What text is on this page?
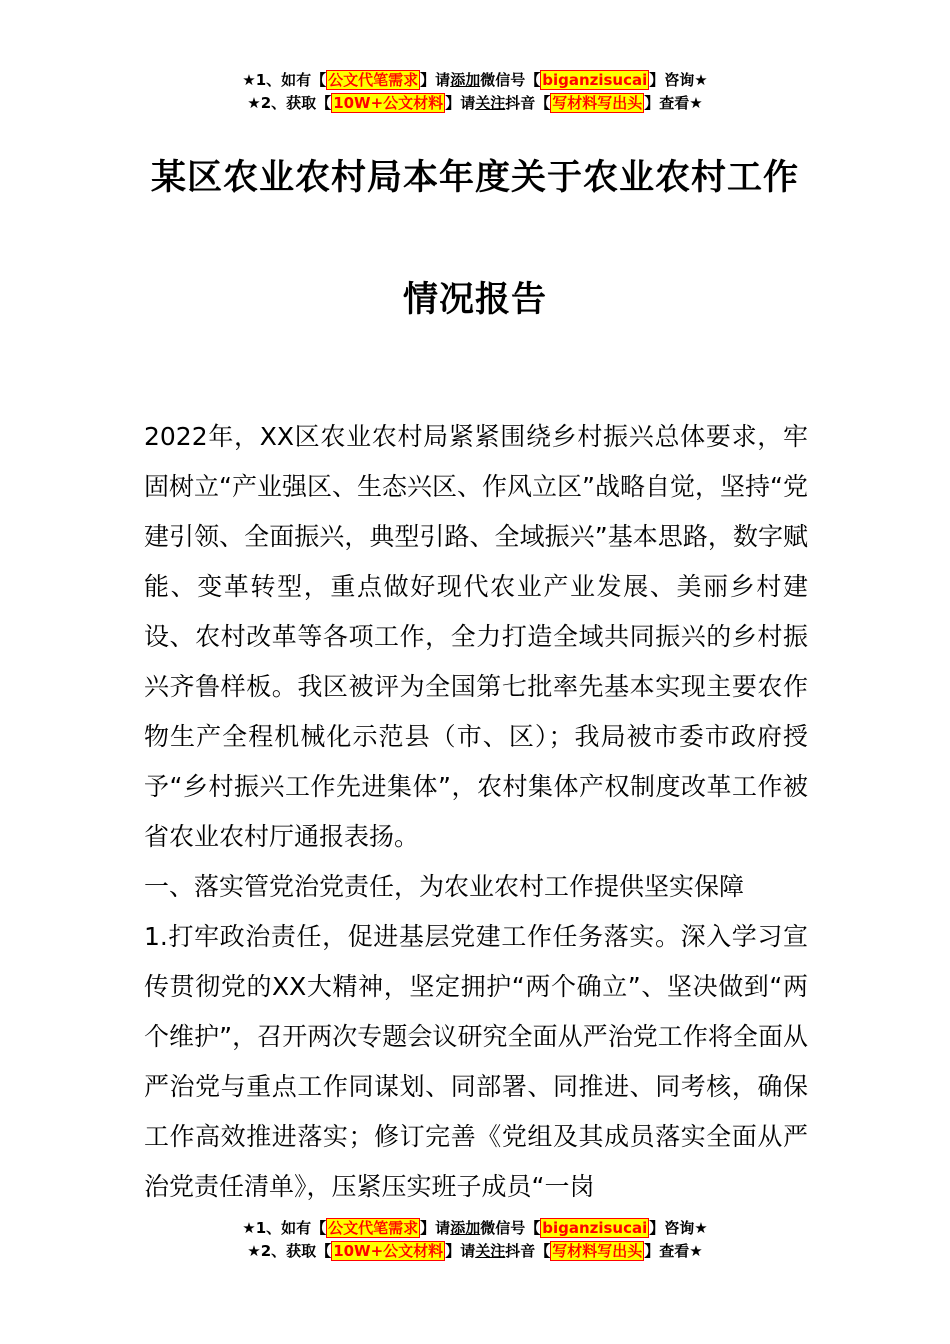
★1、如有【 公文代笔需求 】请添加微信号【 biganzisucai 】咨询★
★2、获取【 10W+公文材料 】请关注抖音【 写材料写出头 】查看★
某区农业农村局本年度关于农业农村工作
情况报告

2022年，XX区农业农村局紧紧围绕乡村振兴总体要求，牢固树立“产业强区、生态兴区、作风立区”战略自觉，坚持“党建引领、全面振兴，典型引路、全域振兴”基本思路，数字赋能、变革转型，重点做好现代农业产业发展、美丽乡村建设、农村改革等各项工作，全力打造全域共同振兴的乡村振兴齐鲁样板。我区被评为全国第七批率先基本实现主要农作物生产全程机械化示范县（市、区）；我局被市委市政府授予“乡村振兴工作先进集体”，农村集体产权制度改革工作被省农业农村厅通报表扬。

一、落实管党治党责任，为农业农村工作提供坚实保障

1.打牢政治责任，促进基层党建工作任务落实。深入学习宣传贯彻党的XX大精神，坚定拥护“两个确立”、坚决做到“两个维护”，召开两次专题会议研究全面从严治党工作将全面从严治党与重点工作同谋划、同部署、同推进、同考核，确保工作高效推进落实；修订完善《党组及其成员落实全面从严治党责任清单》，压紧压实班子成员“一岗

★1、如有【 公文代笔需求 】请添加微信号【 biganzisucai 】咨询★
★2、获取【 10W+公文材料 】请关注抖音【 写材料写出头 】查看★
